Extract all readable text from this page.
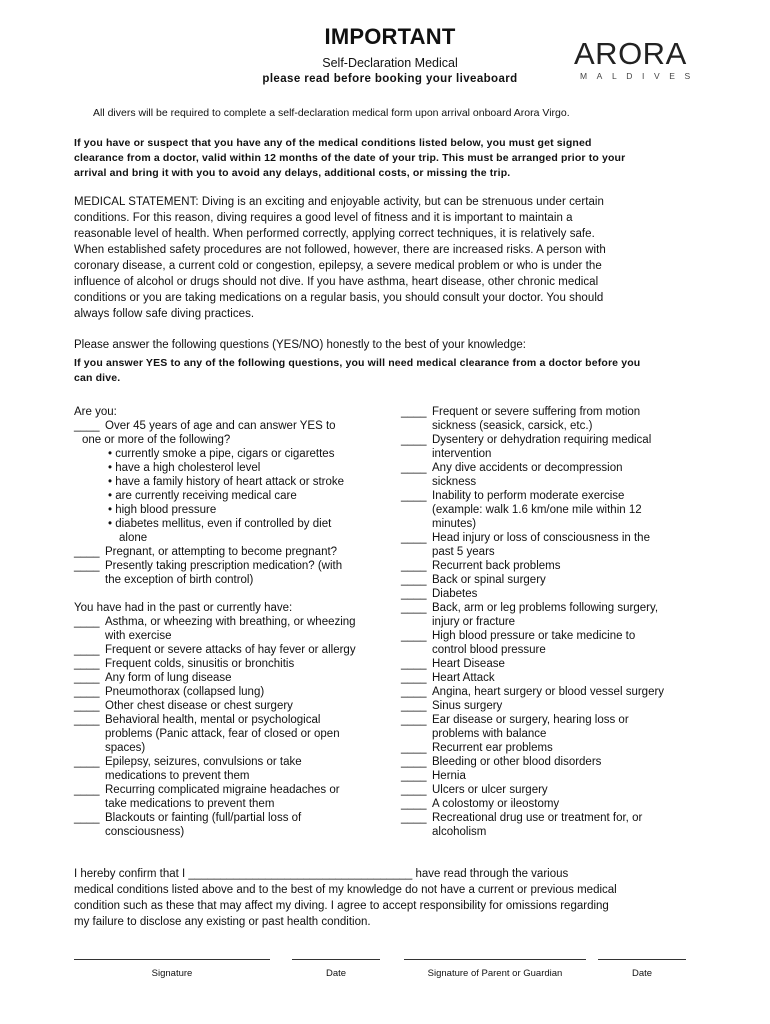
IMPORTANT
Self-Declaration Medical
please read before booking your liveaboard
ARORA
MALDIVES
All divers will be required to complete a self-declaration medical form upon arrival onboard Arora Virgo.
If you have or suspect that you have any of the medical conditions listed below, you must get signed
clearance from a doctor, valid within 12 months of the date of your trip. This must be arranged prior to your
arrival and bring it with you to avoid any delays, additional costs, or missing the trip.
MEDICAL STATEMENT: Diving is an exciting and enjoyable activity, but can be strenuous under certain
conditions. For this reason, diving requires a good level of fitness and it is important to maintain a
reasonable level of health. When performed correctly, applying correct techniques, it is relatively safe.
When established safety procedures are not followed, however, there are increased risks. A person with
coronary disease, a current cold or congestion, epilepsy, a severe medical problem or who is under the
influence of alcohol or drugs should not dive. If you have asthma, heart disease, other chronic medical
conditions or you are taking medications on a regular basis, you should consult your doctor. You should
always follow safe diving practices.
Please answer the following questions (YES/NO) honestly to the best of your knowledge:
If you answer YES to any of the following questions, you will need medical clearance from a doctor before you
can dive.
Are you:
____ Over 45 years of age and can answer YES to
one or more of the following?
• currently smoke a pipe, cigars or cigarettes
• have a high cholesterol level
• have a family history of heart attack or stroke
• are currently receiving medical care
• high blood pressure
• diabetes mellitus, even if controlled by diet
alone
____ Pregnant, or attempting to become pregnant?
____ Presently taking prescription medication? (with
the exception of birth control)
You have had in the past or currently have:
____ Asthma, or wheezing with breathing, or wheezing
with exercise
____ Frequent or severe attacks of hay fever or allergy
____ Frequent colds, sinusitis or bronchitis
____ Any form of lung disease
____ Pneumothorax (collapsed lung)
____ Other chest disease or chest surgery
____ Behavioral health, mental or psychological
problems (Panic attack, fear of closed or open
spaces)
____ Epilepsy, seizures, convulsions or take
medications to prevent them
____ Recurring complicated migraine headaches or
take medications to prevent them
____ Blackouts or fainting (full/partial loss of
consciousness)
____ Frequent or severe suffering from motion
sickness (seasick, carsick, etc.)
____ Dysentery or dehydration requiring medical
intervention
____ Any dive accidents or decompression
sickness
____ Inability to perform moderate exercise
(example: walk 1.6 km/one mile within 12
minutes)
____ Head injury or loss of consciousness in the
past 5 years
____ Recurrent back problems
____ Back or spinal surgery
____ Diabetes
____ Back, arm or leg problems following surgery,
injury or fracture
____ High blood pressure or take medicine to
control blood pressure
____ Heart Disease
____ Heart Attack
____ Angina, heart surgery or blood vessel surgery
____ Sinus surgery
____ Ear disease or surgery, hearing loss or
problems with balance
____ Recurrent ear problems
____ Bleeding or other blood disorders
____ Hernia
____ Ulcers or ulcer surgery
____ A colostomy or ileostomy
____ Recreational drug use or treatment for, or
alcoholism
I hereby confirm that I ___________________________________ have read through the various
medical conditions listed above and to the best of my knowledge do not have a current or previous medical
condition such as these that may affect my diving. I agree to accept responsibility for omissions regarding
my failure to disclose any existing or past health condition.
Signature	Date	Signature of Parent or Guardian	Date
